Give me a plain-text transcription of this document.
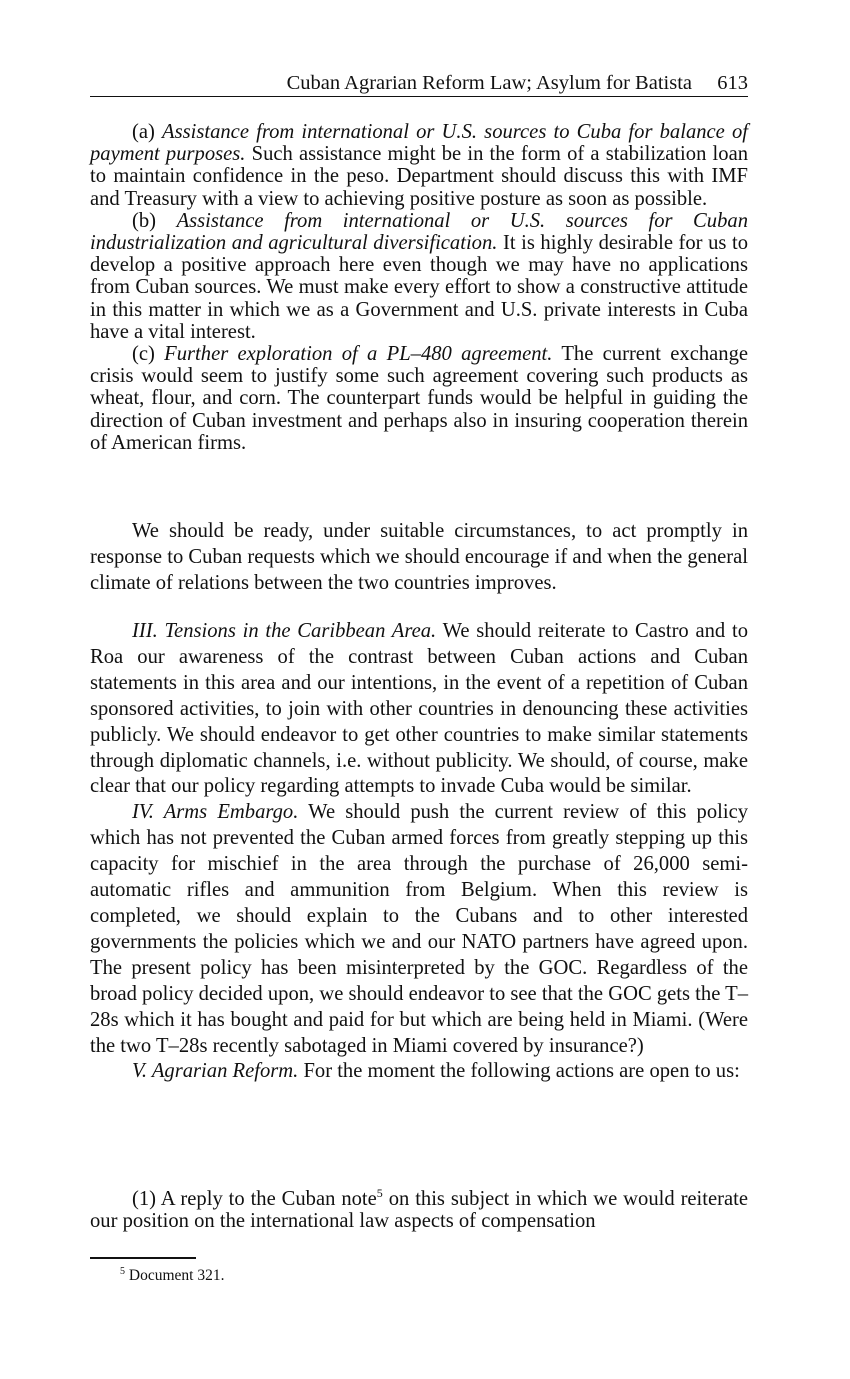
Cuban Agrarian Reform Law; Asylum for Batista 613

(a) Assistance from international or U.S. sources to Cuba for balance of payment purposes. Such assistance might be in the form of a stabilization loan to maintain confidence in the peso. Department should discuss this with IMF and Treasury with a view to achieving positive posture as soon as possible.

(b) Assistance from international or U.S. sources for Cuban industrialization and agricultural diversification. It is highly desirable for us to develop a positive approach here even though we may have no applications from Cuban sources. We must make every effort to show a constructive attitude in this matter in which we as a Government and U.S. private interests in Cuba have a vital interest.

(c) Further exploration of a PL–480 agreement. The current exchange crisis would seem to justify some such agreement covering such products as wheat, flour, and corn. The counterpart funds would be helpful in guiding the direction of Cuban investment and perhaps also in insuring cooperation therein of American firms.

We should be ready, under suitable circumstances, to act promptly in response to Cuban requests which we should encourage if and when the general climate of relations between the two countries improves.

III. Tensions in the Caribbean Area. We should reiterate to Castro and to Roa our awareness of the contrast between Cuban actions and Cuban statements in this area and our intentions, in the event of a repetition of Cuban sponsored activities, to join with other countries in denouncing these activities publicly. We should endeavor to get other countries to make similar statements through diplomatic channels, i.e. without publicity. We should, of course, make clear that our policy regarding attempts to invade Cuba would be similar.

IV. Arms Embargo. We should push the current review of this policy which has not prevented the Cuban armed forces from greatly stepping up this capacity for mischief in the area through the purchase of 26,000 semi-automatic rifles and ammunition from Belgium. When this review is completed, we should explain to the Cubans and to other interested governments the policies which we and our NATO partners have agreed upon. The present policy has been misinterpreted by the GOC. Regardless of the broad policy decided upon, we should endeavor to see that the GOC gets the T–28s which it has bought and paid for but which are being held in Miami. (Were the two T–28s recently sabotaged in Miami covered by insurance?)

V. Agrarian Reform. For the moment the following actions are open to us:

(1) A reply to the Cuban note$^5$ on this subject in which we would reiterate our position on the international law aspects of compensation

$^5$ Document 321.
